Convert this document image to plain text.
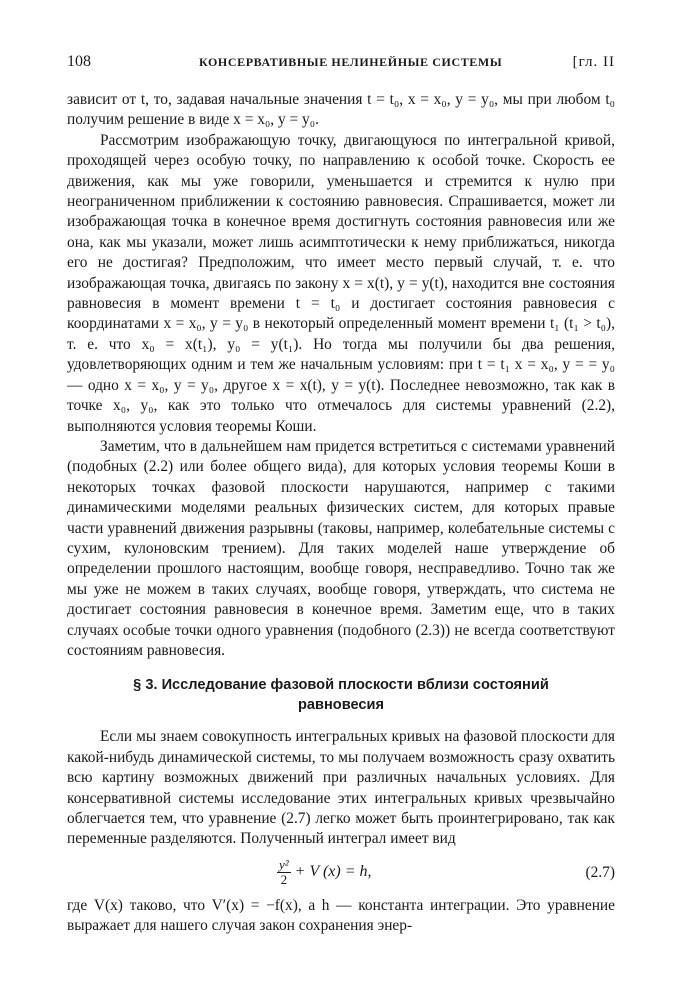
108	КОНСЕРВАТИВНЫЕ НЕЛИНЕЙНЫЕ СИСТЕМЫ	[гл. II

зависит от t, то, задавая начальные значения t = t₀, x = x₀, y = y₀, мы при любом t₀ получим решение в виде x = x₀, y = y₀.

Рассмотрим изображающую точку, двигающуюся по интегральной кривой, проходящей через особую точку, по направлению к особой точке. Скорость ее движения, как мы уже говорили, уменьшается и стремится к нулю при неограниченном приближении к состоянию равновесия. Спрашивается, может ли изображающая точка в конечное время достигнуть состояния равновесия или же она, как мы указали, может лишь асимптотически к нему приближаться, никогда его не достигая? Предположим, что имеет место первый случай, т. е. что изображающая точка, двигаясь по закону x = x(t), y = y(t), находится вне состояния равновесия в момент времени t = t₀ и достигает состояния равновесия с координатами x = x₀, y = y₀ в некоторый определенный момент времени t₁ (t₁ > t₀), т. е. что x₀ = x(t₁), y₀ = y(t₁). Но тогда мы получили бы два решения, удовлетворяющих одним и тем же начальным условиям: при t = t₁ x = x₀, y = = y₀ — одно x = x₀, y = y₀, другое x = x(t), y = y(t). Последнее невозможно, так как в точке x₀, y₀, как это только что отмечалось для системы уравнений (2.2), выполняются условия теоремы Коши.

Заметим, что в дальнейшем нам придется встретиться с системами уравнений (подобных (2.2) или более общего вида), для которых условия теоремы Коши в некоторых точках фазовой плоскости нарушаются, например с такими динамическими моделями реальных физических систем, для которых правые части уравнений движения разрывны (таковы, например, колебательные системы с сухим, кулоновским трением). Для таких моделей наше утверждение об определении прошлого настоящим, вообще говоря, несправедливо. Точно так же мы уже не можем в таких случаях, вообще говоря, утверждать, что система не достигает состояния равновесия в конечное время. Заметим еще, что в таких случаях особые точки одного уравнения (подобного (2.3)) не всегда соответствуют состояниям равновесия.

§ 3. Исследование фазовой плоскости вблизи состояний
равновесия

Если мы знаем совокупность интегральных кривых на фазовой плоскости для какой-нибудь динамической системы, то мы получаем возможность сразу охватить всю картину возможных движений при различных начальных условиях. Для консервативной системы исследование этих интегральных кривых чрезвычайно облегчается тем, что уравнение (2.7) легко может быть проинтегрировано, так как переменные разделяются. Полученный интеграл имеет вид

$\frac{\text{y²}}{2} + V$ (x) = h,	(2.7)

где V(x) таково, что V′(x) = −f(x), а h — константа интеграции. Это уравнение выражает для нашего случая закон сохранения энер-
